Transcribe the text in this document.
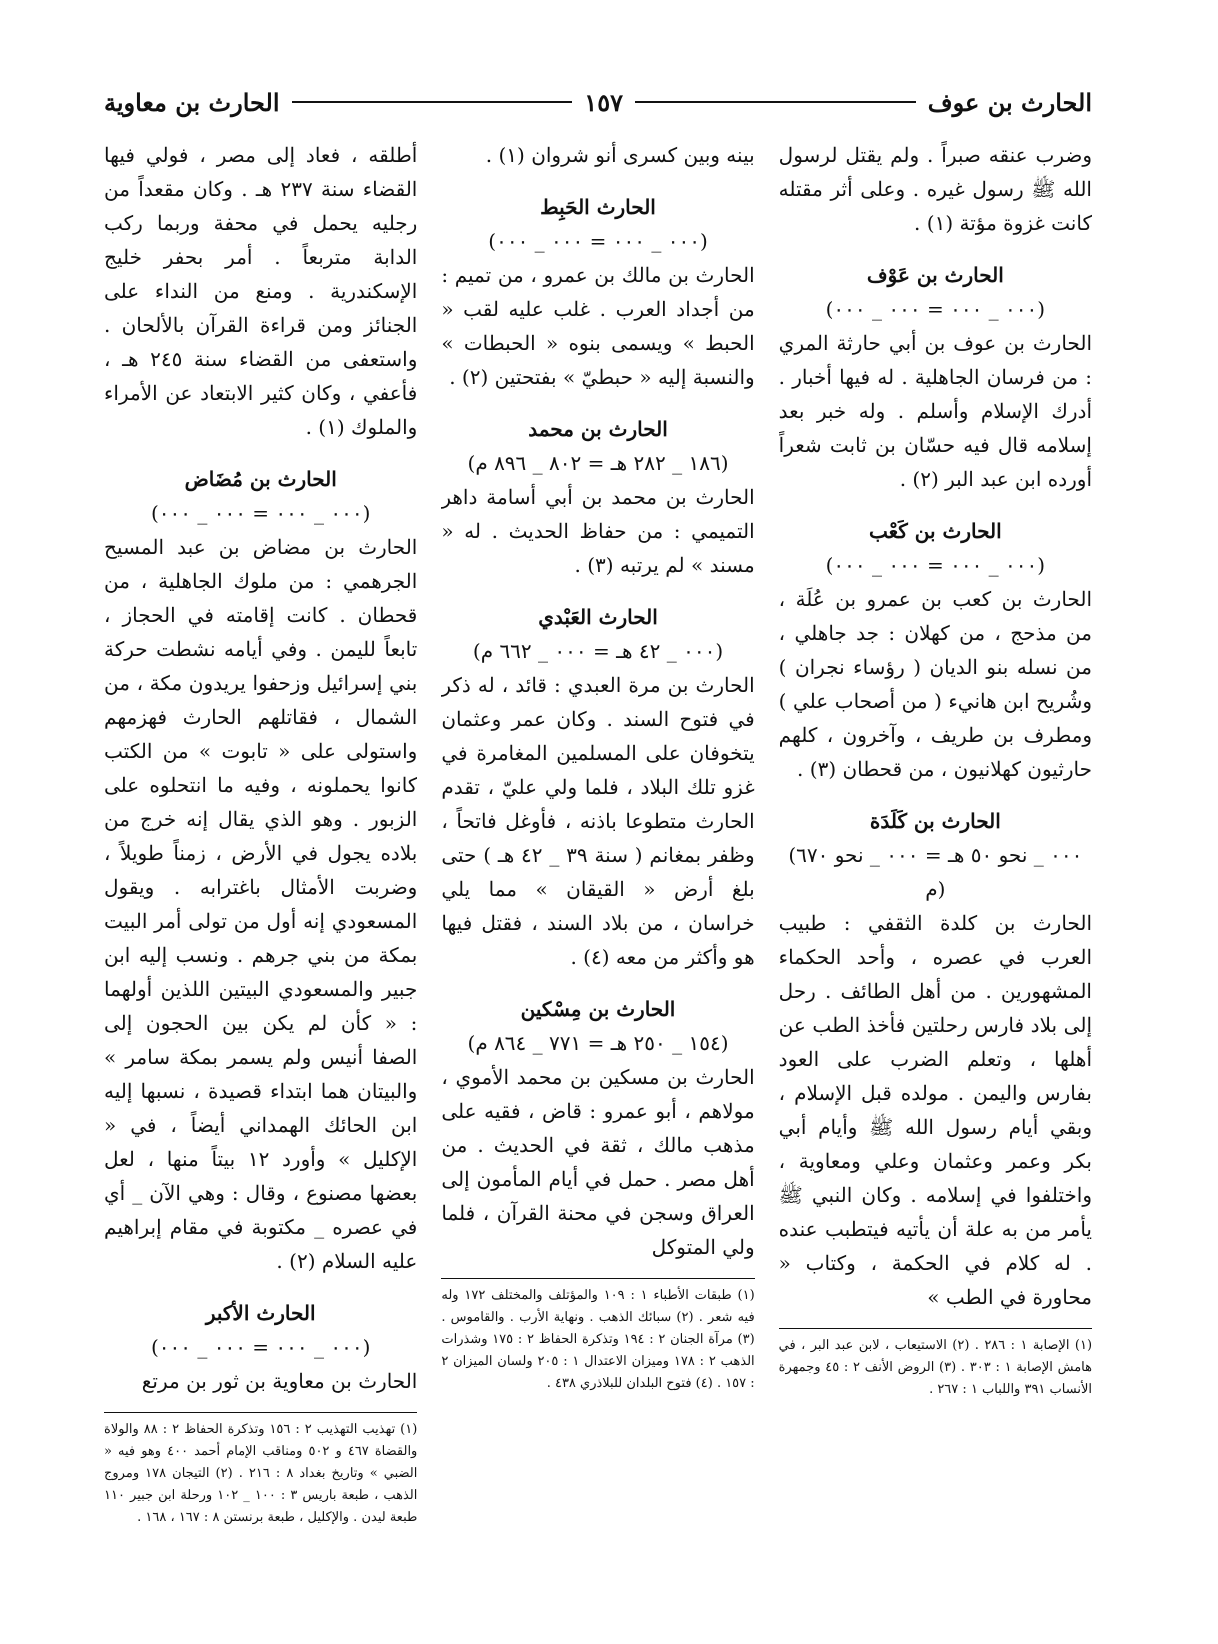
الحارث بن عوف
١٥٧
الحارث بن معاوية
وضرب عنقه صبراً . ولم يقتل لرسول الله ﷺ رسول غيره . وعلى أثر مقتله كانت غزوة مؤتة (١) .
الحارث بن عَوْف
(٠٠٠ _ ٠٠٠ = ٠٠٠ _ ٠٠٠)
الحارث بن عوف بن أبي حارثة المري : من فرسان الجاهلية . له فيها أخبار . أدرك الإسلام وأسلم . وله خبر بعد إسلامه قال فيه حسّان بن ثابت شعراً أورده ابن عبد البر (٢) .
الحارث بن كَعْب
(٠٠٠ _ ٠٠٠ = ٠٠٠ _ ٠٠٠)
الحارث بن كعب بن عمرو بن عُلَة ، من مذحج ، من كهلان : جد جاهلي ، من نسله بنو الديان ( رؤساء نجران ) وشُريح ابن هانيء ( من أصحاب علي ) ومطرف بن طريف ، وآخرون ، كلهم حارثيون كهلانيون ، من قحطان (٣) .
الحارث بن كَلَدَة
(٠٠٠ _ نحو ٥٠ هـ = ٠٠٠ _ نحو ٦٧٠ م)
الحارث بن كلدة الثقفي : طبيب العرب في عصره ، وأحد الحكماء المشهورين . من أهل الطائف . رحل إلى بلاد فارس رحلتين فأخذ الطب عن أهلها ، وتعلم الضرب على العود بفارس واليمن . مولده قبل الإسلام ، وبقي أيام رسول الله ﷺ وأيام أبي بكر وعمر وعثمان وعلي ومعاوية ، واختلفوا في إسلامه . وكان النبي ﷺ يأمر من به علة أن يأتيه فيتطبب عنده . له كلام في الحكمة ، وكتاب « محاورة في الطب »
(١) الإصابة ١ : ٢٨٦ . (٢) الاستيعاب ، لابن عبد البر ، في هامش الإصابة ١ : ٣٠٣ . (٣) الروض الأنف ٢ : ٤٥ وجمهرة الأنساب ٣٩١ واللباب ١ : ٢٦٧ .
بينه وبين كسرى أنو شروان (١) .
الحارث الحَبِط
(٠٠٠ _ ٠٠٠ = ٠٠٠ _ ٠٠٠)
الحارث بن مالك بن عمرو ، من تميم : من أجداد العرب . غلب عليه لقب « الحبط » ويسمى بنوه « الحبطات » والنسبة إليه « حبطيّ » بفتحتين (٢) .
الحارث بن محمد
(١٨٦ _ ٢٨٢ هـ = ٨٠٢ _ ٨٩٦ م)
الحارث بن محمد بن أبي أسامة داهر التميمي : من حفاظ الحديث . له « مسند » لم يرتبه (٣) .
الحارث العَبْدي
(٠٠٠ _ ٤٢ هـ = ٠٠٠ _ ٦٦٢ م)
الحارث بن مرة العبدي : قائد ، له ذكر في فتوح السند . وكان عمر وعثمان يتخوفان على المسلمين المغامرة في غزو تلك البلاد ، فلما ولي عليّ ، تقدم الحارث متطوعا باذنه ، فأوغل فاتحاً ، وظفر بمغانم ( سنة ٣٩ _ ٤٢ هـ ) حتى بلغ أرض « القيقان » مما يلي خراسان ، من بلاد السند ، فقتل فيها هو وأكثر من معه (٤) .
الحارث بن مِسْكين
(١٥٤ _ ٢٥٠ هـ = ٧٧١ _ ٨٦٤ م)
الحارث بن مسكين بن محمد الأموي ، مولاهم ، أبو عمرو : قاض ، فقيه على مذهب مالك ، ثقة في الحديث . من أهل مصر . حمل في أيام المأمون إلى العراق وسجن في محنة القرآن ، فلما ولي المتوكل
(١) طبقات الأطباء ١ : ١٠٩ والمؤتلف والمختلف ١٧٢ وله فيه شعر . (٢) سبائك الذهب . ونهاية الأرب . والقاموس . (٣) مرآة الجنان ٢ : ١٩٤ وتذكرة الحفاظ ٢ : ١٧٥ وشذرات الذهب ٢ : ١٧٨ وميزان الاعتدال ١ : ٢٠٥ ولسان الميزان ٢ : ١٥٧ . (٤) فتوح البلدان للبلاذري ٤٣٨ .
أطلقه ، فعاد إلى مصر ، فولي فيها القضاء سنة ٢٣٧ هـ . وكان مقعداً من رجليه يحمل في محفة وربما ركب الدابة متربعاً . أمر بحفر خليج الإسكندرية . ومنع من النداء على الجنائز ومن قراءة القرآن بالألحان . واستعفى من القضاء سنة ٢٤٥ هـ ، فأعفي ، وكان كثير الابتعاد عن الأمراء والملوك (١) .
الحارث بن مُضَاض
(٠٠٠ _ ٠٠٠ = ٠٠٠ _ ٠٠٠)
الحارث بن مضاض بن عبد المسيح الجرهمي : من ملوك الجاهلية ، من قحطان . كانت إقامته في الحجاز ، تابعاً لليمن . وفي أيامه نشطت حركة بني إسرائيل وزحفوا يريدون مكة ، من الشمال ، فقاتلهم الحارث فهزمهم واستولى على « تابوت » من الكتب كانوا يحملونه ، وفيه ما انتحلوه على الزبور . وهو الذي يقال إنه خرج من بلاده يجول في الأرض ، زمناً طويلاً ، وضربت الأمثال باغترابه . ويقول المسعودي إنه أول من تولى أمر البيت بمكة من بني جرهم . ونسب إليه ابن جبير والمسعودي البيتين اللذين أولهما : « كأن لم يكن بين الحجون إلى الصفا أنيس ولم يسمر بمكة سامر » والبيتان هما ابتداء قصيدة ، نسبها إليه ابن الحائك الهمداني أيضاً ، في « الإكليل » وأورد ١٢ بيتاً منها ، لعل بعضها مصنوع ، وقال : وهي الآن _ أي في عصره _ مكتوبة في مقام إبراهيم عليه السلام (٢) .
الحارث الأكبر
(٠٠٠ _ ٠٠٠ = ٠٠٠ _ ٠٠٠)
الحارث بن معاوية بن ثور بن مرتع
(١) تهذيب التهذيب ٢ : ١٥٦ وتذكرة الحفاظ ٢ : ٨٨ والولاة والقضاة ٤٦٧ و ٥٠٢ ومناقب الإمام أحمد ٤٠٠ وهو فيه « الضبي » وتاريخ بغداد ٨ : ٢١٦ . (٢) التيجان ١٧٨ ومروج الذهب ، طبعة باريس ٣ : ١٠٠ _ ١٠٢ ورحلة ابن جبير ١١٠ طبعة ليدن . والإكليل ، طبعة برنستن ٨ : ١٦٧ ، ١٦٨ .
